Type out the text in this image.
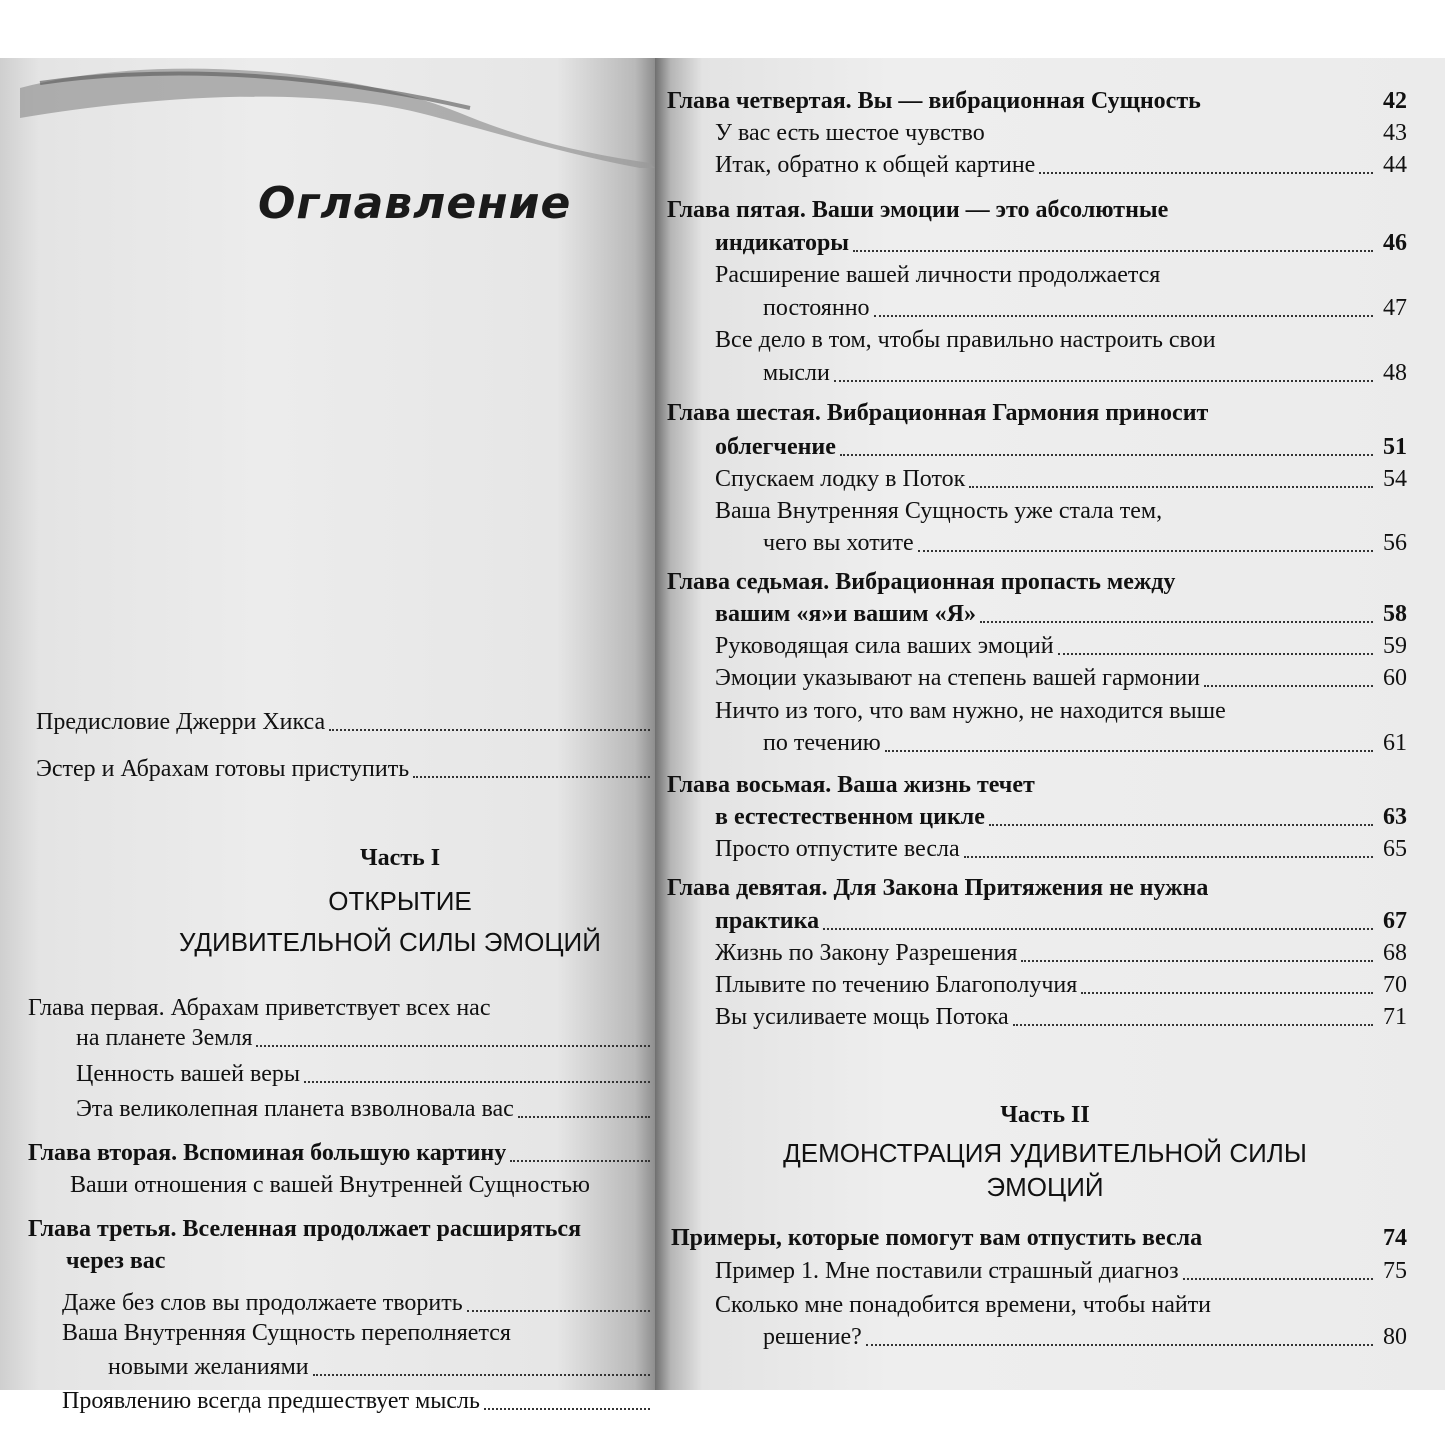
Оглавление
Предисловие Джерри Хикса
Эстер и Абрахам готовы приступить
Часть I
ОТКРЫТИЕ
УДИВИТЕЛЬНОЙ СИЛЫ ЭМОЦИЙ
Глава первая. Абрахам приветствует всех нас
на планете Земля
Ценность вашей веры
Эта великолепная планета взволновала вас
Глава вторая. Вспоминая большую картину
Ваши отношения с вашей Внутренней Сущностью
Глава третья. Вселенная продолжает расширяться
через вас
Даже без слов вы продолжаете творить
Ваша Внутренняя Сущность переполняется
новыми желаниями
Проявлению всегда предшествует мысль
Глава четвертая. Вы — вибрационная Сущность	42
У вас есть шестое чувство	43
Итак, обратно к общей картине	44
Глава пятая. Ваши эмоции — это абсолютные
индикаторы	46
Расширение вашей личности продолжается
постоянно	47
Все дело в том, чтобы правильно настроить свои
мысли	48
Глава шестая. Вибрационная Гармония приносит
облегчение	51
Спускаем лодку в Поток	54
Ваша Внутренняя Сущность уже стала тем,
чего вы хотите	56
Глава седьмая. Вибрационная пропасть между
вашим «я»и вашим «Я»	58
Руководящая сила ваших эмоций	59
Эмоции указывают на степень вашей гармонии	60
Ничто из того, что вам нужно, не находится выше
по течению	61
Глава восьмая. Ваша жизнь течет
в естестественном цикле	63
Просто отпустите весла	65
Глава девятая. Для Закона Притяжения не нужна
практика	67
Жизнь по Закону Разрешения	68
Плывите по течению Благополучия	70
Вы усиливаете мощь Потока	71
Часть II
ДЕМОНСТРАЦИЯ УДИВИТЕЛЬНОЙ СИЛЫ
ЭМОЦИЙ
Примеры, которые помогут вам отпустить весла	74
Пример 1. Мне поставили страшный диагноз	75
Сколько мне понадобится времени, чтобы найти
решение?	80
